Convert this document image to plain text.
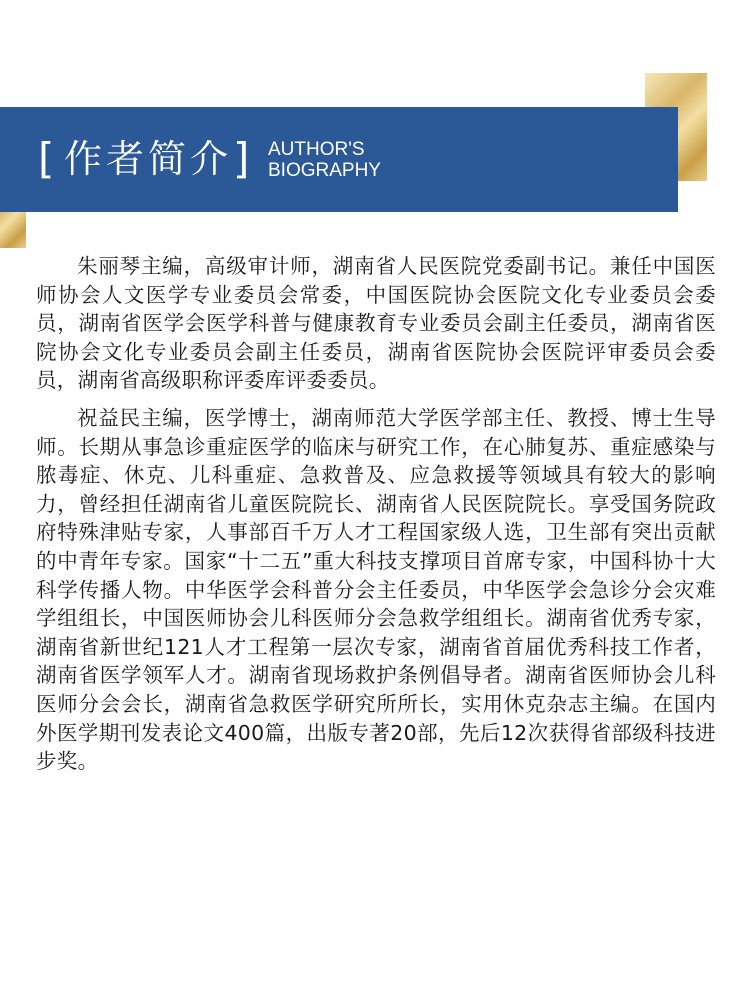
[ 作者简介 ] AUTHOR'S
BIOGRAPHY

朱丽琴主编，高级审计师，湖南省人民医院党委副书记。兼任中国医师协会人文医学专业委员会常委，中国医院协会医院文化专业委员会委员，湖南省医学会医学科普与健康教育专业委员会副主任委员，湖南省医院协会文化专业委员会副主任委员，湖南省医院协会医院评审委员会委员，湖南省高级职称评委库评委委员。

祝益民主编，医学博士，湖南师范大学医学部主任、教授、博士生导师。长期从事急诊重症医学的临床与研究工作，在心肺复苏、重症感染与脓毒症、休克、儿科重症、急救普及、应急救援等领域具有较大的影响力，曾经担任湖南省儿童医院院长、湖南省人民医院院长。享受国务院政府特殊津贴专家，人事部百千万人才工程国家级人选，卫生部有突出贡献的中青年专家。国家“十二五”重大科技支撑项目首席专家，中国科协十大科学传播人物。中华医学会科普分会主任委员，中华医学会急诊分会灾难学组组长，中国医师协会儿科医师分会急救学组组长。湖南省优秀专家，湖南省新世纪121人才工程第一层次专家，湖南省首届优秀科技工作者，湖南省医学领军人才。湖南省现场救护条例倡导者。湖南省医师协会儿科医师分会会长，湖南省急救医学研究所所长，实用休克杂志主编。在国内外医学期刊发表论文400篇，出版专著20部，先后12次获得省部级科技进步奖。
